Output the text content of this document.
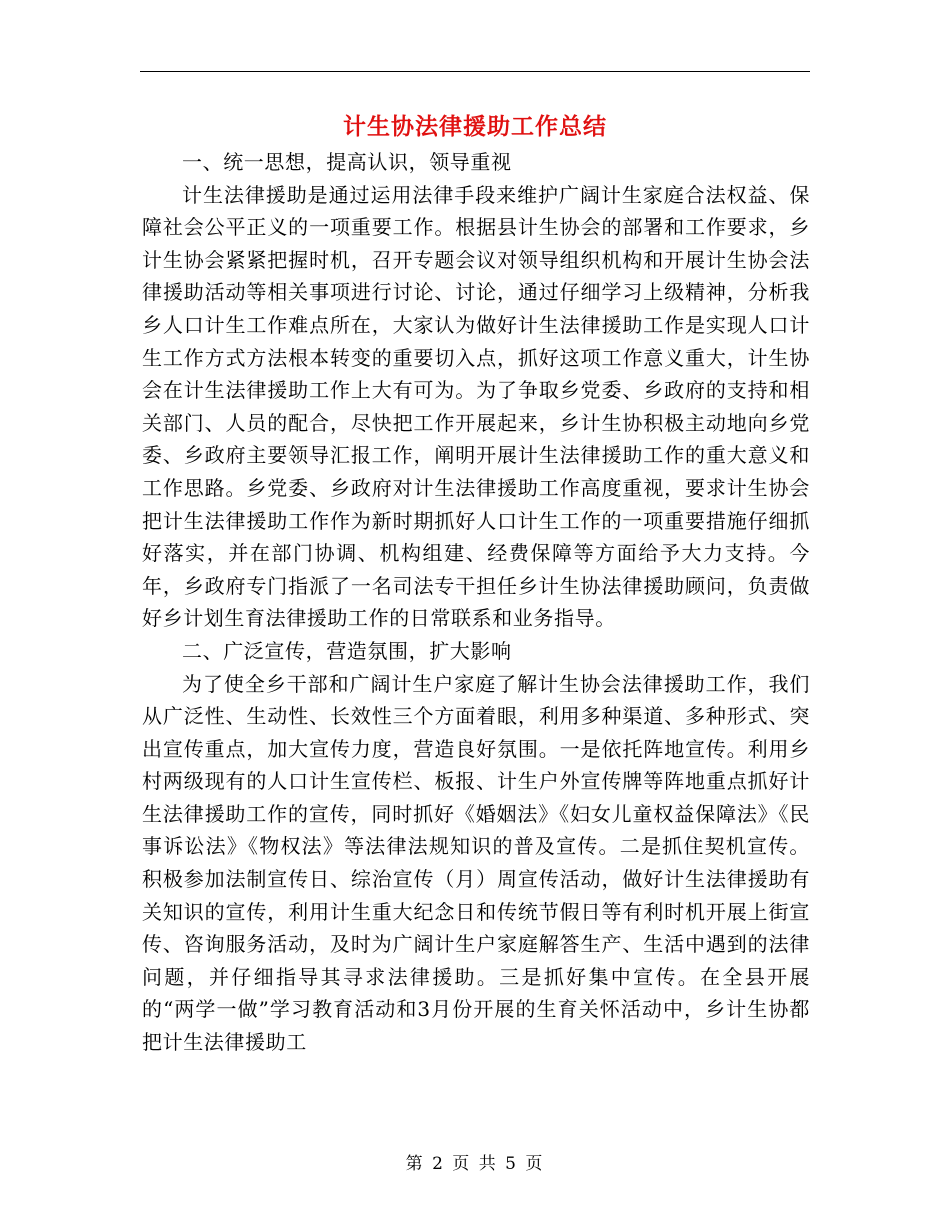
计生协法律援助工作总结

一、统一思想，提高认识，领导重视

计生法律援助是通过运用法律手段来维护广阔计生家庭合法权益、保障社会公平正义的一项重要工作。根据县计生协会的部署和工作要求，乡计生协会紧紧把握时机，召开专题会议对领导组织机构和开展计生协会法律援助活动等相关事项进行讨论、讨论，通过仔细学习上级精神，分析我乡人口计生工作难点所在，大家认为做好计生法律援助工作是实现人口计生工作方式方法根本转变的重要切入点，抓好这项工作意义重大，计生协会在计生法律援助工作上大有可为。为了争取乡党委、乡政府的支持和相关部门、人员的配合，尽快把工作开展起来，乡计生协积极主动地向乡党委、乡政府主要领导汇报工作，阐明开展计生法律援助工作的重大意义和工作思路。乡党委、乡政府对计生法律援助工作高度重视，要求计生协会把计生法律援助工作作为新时期抓好人口计生工作的一项重要措施仔细抓好落实，并在部门协调、机构组建、经费保障等方面给予大力支持。今年，乡政府专门指派了一名司法专干担任乡计生协法律援助顾问，负责做好乡计划生育法律援助工作的日常联系和业务指导。

二、广泛宣传，营造氛围，扩大影响

为了使全乡干部和广阔计生户家庭了解计生协会法律援助工作，我们从广泛性、生动性、长效性三个方面着眼，利用多种渠道、多种形式、突出宣传重点，加大宣传力度，营造良好氛围。一是依托阵地宣传。利用乡村两级现有的人口计生宣传栏、板报、计生户外宣传牌等阵地重点抓好计生法律援助工作的宣传，同时抓好《婚姻法》《妇女儿童权益保障法》《民事诉讼法》《物权法》等法律法规知识的普及宣传。二是抓住契机宣传。积极参加法制宣传日、综治宣传（月）周宣传活动，做好计生法律援助有关知识的宣传，利用计生重大纪念日和传统节假日等有利时机开展上街宣传、咨询服务活动，及时为广阔计生户家庭解答生产、生活中遇到的法律问题，并仔细指导其寻求法律援助。三是抓好集中宣传。在全县开展的“两学一做”学习教育活动和3月份开展的生育关怀活动中，乡计生协都把计生法律援助工

第 2 页 共 5 页
